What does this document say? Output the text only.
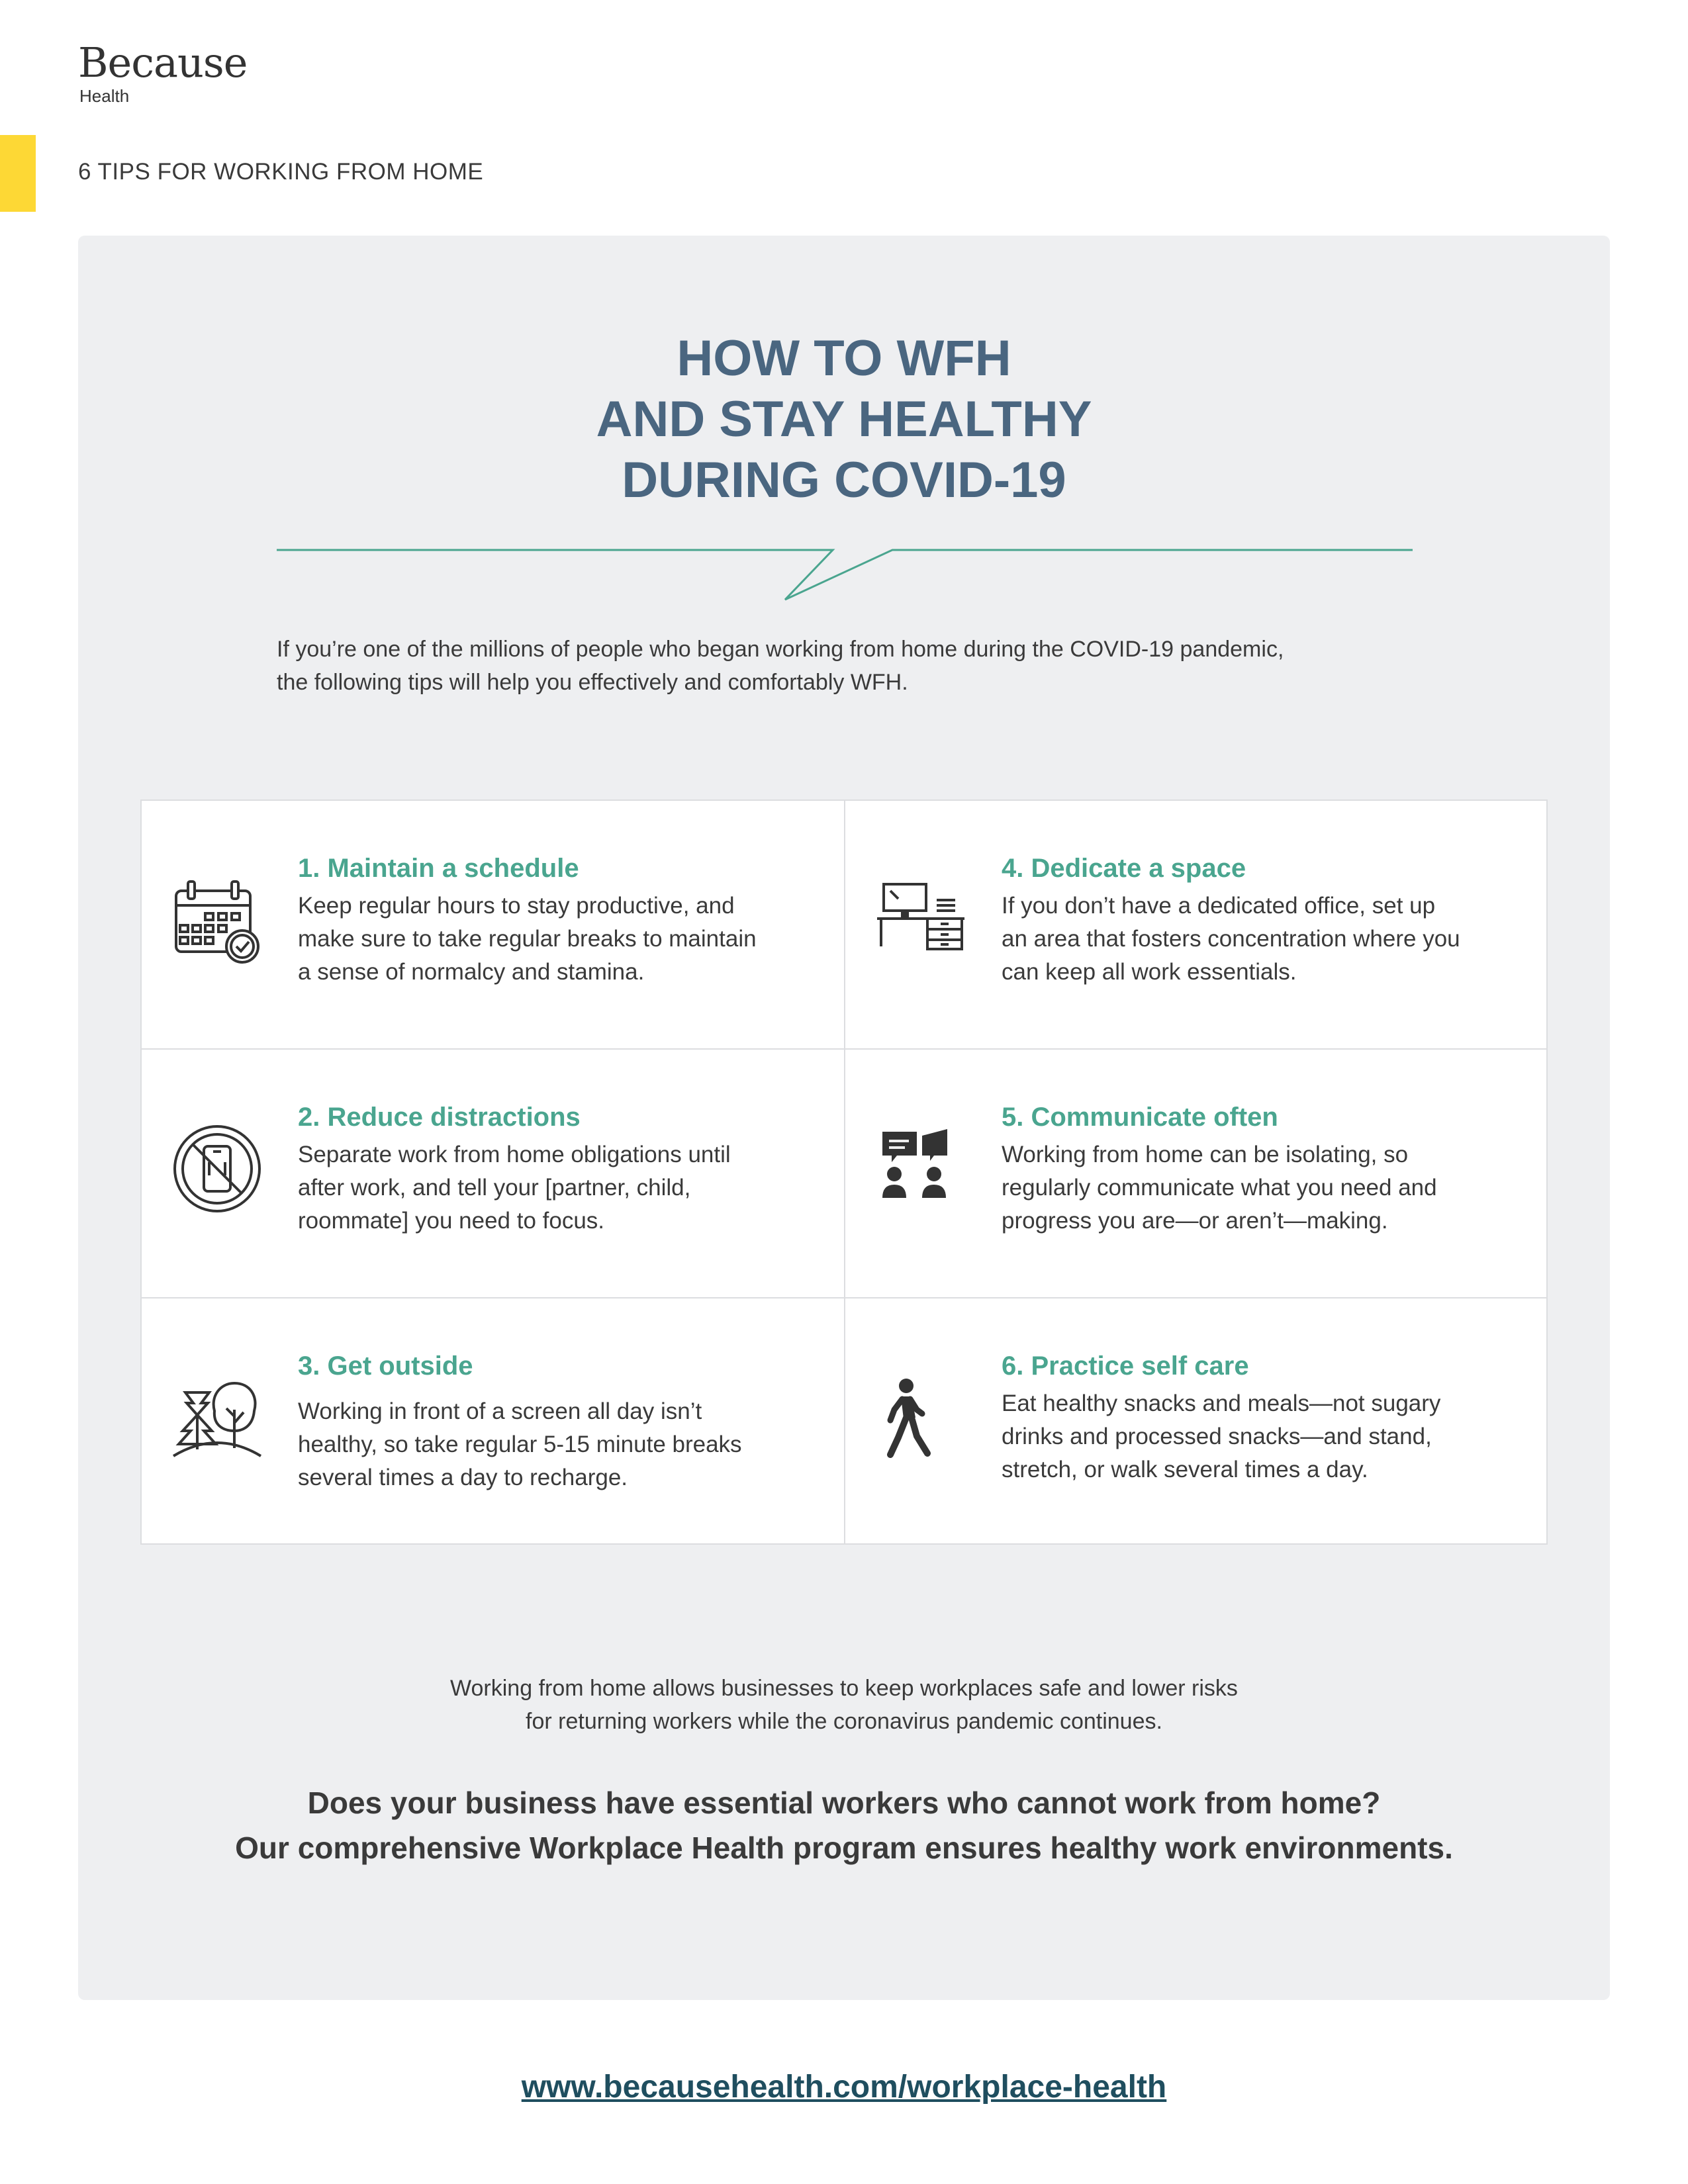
Because
Health
6 TIPS FOR WORKING FROM HOME
HOW TO WFH
AND STAY HEALTHY
DURING COVID-19
If you’re one of the millions of people who began working from home during the COVID-19 pandemic,
the following tips will help you effectively and comfortably WFH.
1. Maintain a schedule
Keep regular hours to stay productive, and
make sure to take regular breaks to maintain
a sense of normalcy and stamina.
2. Reduce distractions
Separate work from home obligations until
after work, and tell your [partner, child,
roommate] you need to focus.
3. Get outside
Working in front of a screen all day isn’t
healthy, so take regular 5-15 minute breaks
several times a day to recharge.
4. Dedicate a space
If you don’t have a dedicated office, set up
an area that fosters concentration where you
can keep all work essentials.
5. Communicate often
Working from home can be isolating, so
regularly communicate what you need and
progress you are—or aren’t—making.
6. Practice self care
Eat healthy snacks and meals—not sugary
drinks and processed snacks—and stand,
stretch, or walk several times a day.
Working from home allows businesses to keep workplaces safe and lower risks
for returning workers while the coronavirus pandemic continues.
Does your business have essential workers who cannot work from home?
Our comprehensive Workplace Health program ensures healthy work environments.
www.becausehealth.com/workplace-health
